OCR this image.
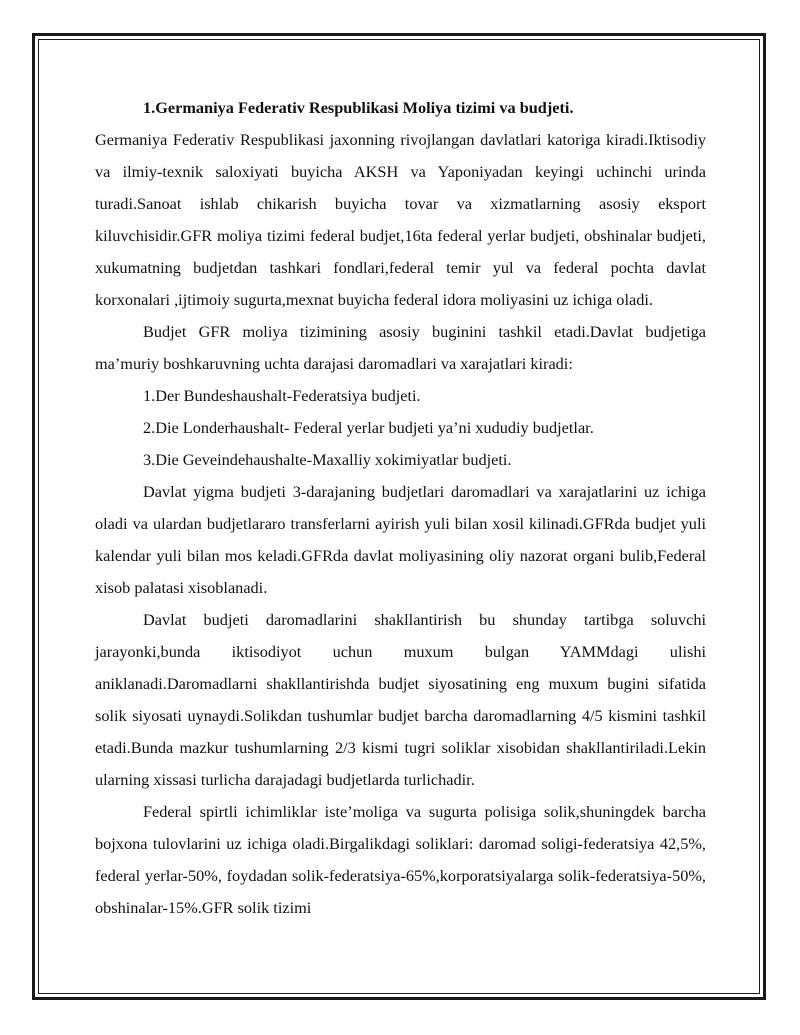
1.Germaniya Federativ Respublikasi Moliya tizimi va budjeti.

Germaniya Federativ Respublikasi jaxonning rivojlangan davlatlari katoriga kiradi.Iktisodiy va ilmiy-texnik saloxiyati buyicha AKSH va Yaponiyadan keyingi uchinchi urinda turadi.Sanoat ishlab chikarish buyicha tovar va xizmatlarning asosiy eksport kiluvchisidir.GFR moliya tizimi federal budjet,16ta federal yerlar budjeti, obshinalar budjeti, xukumatning budjetdan tashkari fondlari,federal temir yul va federal pochta davlat korxonalari ,ijtimoiy sugurta,mexnat buyicha federal idora moliyasini uz ichiga oladi.

Budjet GFR moliya tizimining asosiy buginini tashkil etadi.Davlat budjetiga ma’muriy boshkaruvning uchta darajasi daromadlari va xarajatlari kiradi:

1.Der Bundeshaushalt-Federatsiya budjeti.

2.Die Londerhaushalt- Federal yerlar budjeti ya’ni xududiy budjetlar.

3.Die Geveindehaushalte-Maxalliy xokimiyatlar budjeti.

Davlat yigma budjeti 3-darajaning budjetlari daromadlari va xarajatlarini uz ichiga oladi va ulardan budjetlararo transferlarni ayirish yuli bilan xosil kilinadi.GFRda budjet yuli kalendar yuli bilan mos keladi.GFRda davlat moliyasining oliy nazorat organi bulib,Federal xisob palatasi xisoblanadi.

Davlat budjeti daromadlarini shakllantirish bu shunday tartibga soluvchi jarayonki,bunda iktisodiyot uchun muxum bulgan YAMMdagi ulishi aniklanadi.Daromadlarni shakllantirishda budjet siyosatining eng muxum bugini sifatida solik siyosati uynaydi.Solikdan tushumlar budjet barcha daromadlarning 4/5 kismini tashkil etadi.Bunda mazkur tushumlarning 2/3 kismi tugri soliklar xisobidan shakllantiriladi.Lekin ularning xissasi turlicha darajadagi budjetlarda turlichadir.

Federal spirtli ichimliklar iste’moliga va sugurta polisiga solik,shuningdek barcha bojxona tulovlarini uz ichiga oladi.Birgalikdagi soliklari: daromad soligi-federatsiya 42,5%, federal yerlar-50%, foydadan solik-federatsiya-65%,korporatsiyalarga solik-federatsiya-50%, obshinalar-15%.GFR solik tizimi
